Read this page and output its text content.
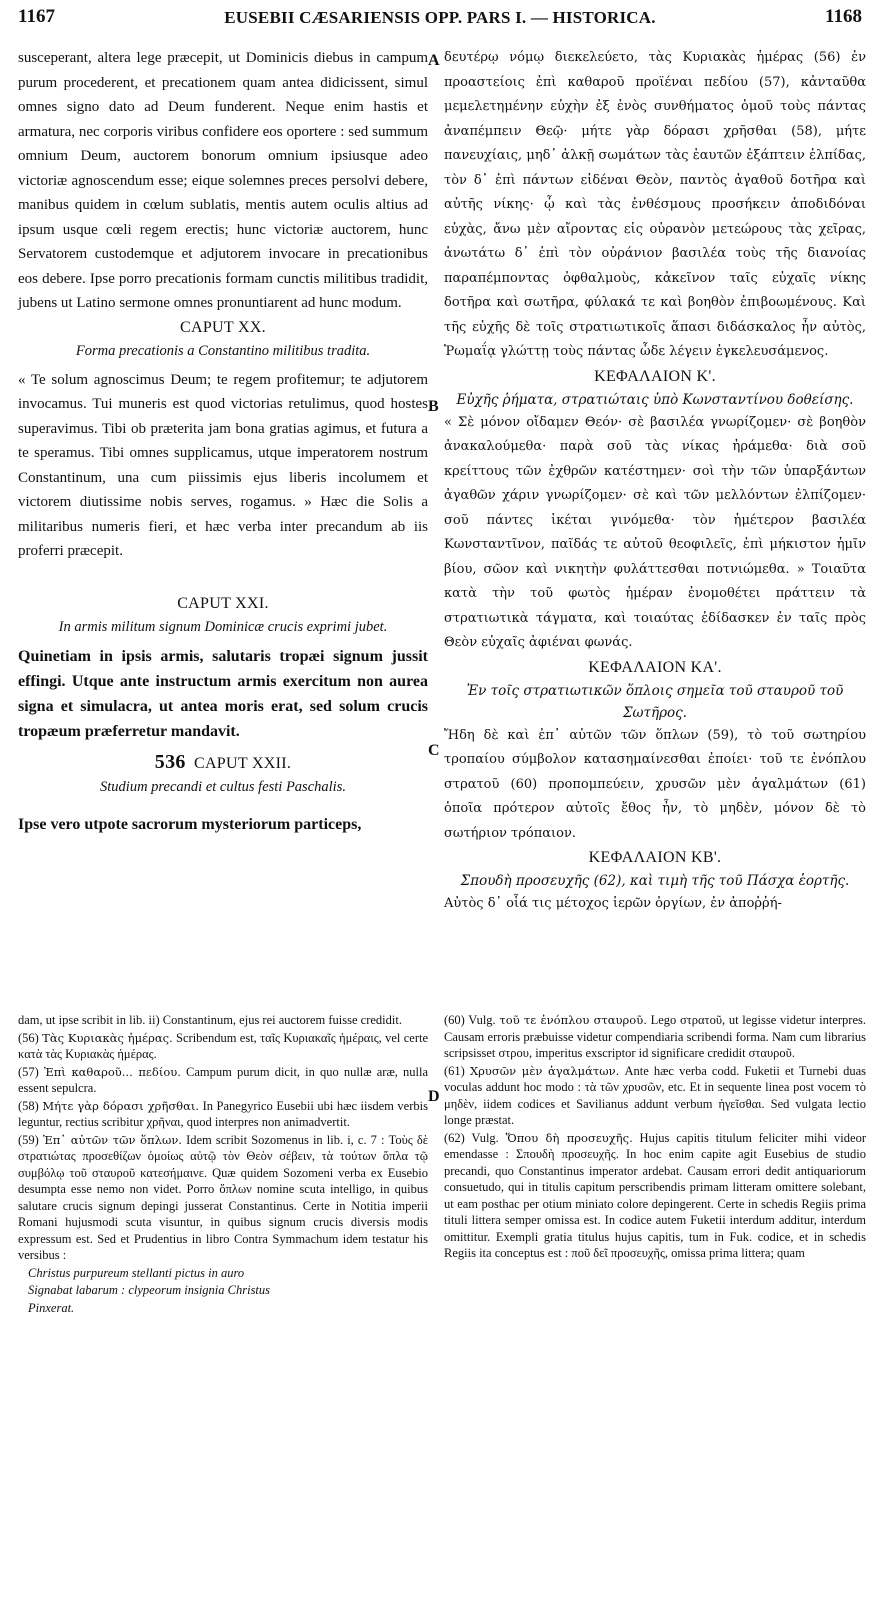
1167	EUSEBII CÆSARIENSIS OPP. PARS I. — HISTORICA.	1168
A
B
C
D

susceperant, altera lege præcepit, ut Dominicis diebus in campum purum procederent, et precationem quam antea didicissent, simul omnes signo dato ad Deum funderent. Neque enim hastis et armatura, nec corporis viribus confidere eos oportere : sed summum omnium Deum, auctorem bonorum omnium ipsiusque adeo victoriæ agnoscendum esse; eique solemnes preces persolvi debere, manibus quidem in cœlum sublatis, mentis autem oculis altius ad ipsum usque cœli regem erectis; hunc victoriæ auctorem, hunc Servatorem custodemque et adjutorem invocare in precationibus eos debere. Ipse porro precationis formam cunctis militibus tradidit, jubens ut Latino sermone omnes pronuntiarent ad hunc modum.

CAPUT XX.

Forma precationis a Constantino militibus tradita.

« Te solum agnoscimus Deum; te regem profitemur; te adjutorem invocamus. Tui muneris est quod victorias retulimus, quod hostes superavimus. Tibi ob præterita jam bona gratias agimus, et futura a te speramus. Tibi omnes supplicamus, utque imperatorem nostrum Constantinum, una cum piissimis ejus liberis incolumem et victorem diutissime nobis serves, rogamus. » Hæc die Solis a militaribus numeris fieri, et hæc verba inter precandum ab iis proferri præcepit.

CAPUT XXI.

In armis militum signum Dominicæ crucis exprimi jubet.

Quinetiam in ipsis armis, salutaris tropæi signum jussit effingi. Utque ante instructum armis exercitum non aurea signa et simulacra, ut antea moris erat, sed solum crucis tropæum præferretur mandavit.

536 CAPUT XXII.

Studium precandi et cultus festi Paschalis.

Ipse vero utpote sacrorum mysteriorum particeps,

δευτέρῳ νόμῳ διεκελεύετο, τὰς Κυριακὰς ἡμέρας (56) ἐν προαστείοις ἐπὶ καθαροῦ προϊέναι πεδίου (57), κἀνταῦθα μεμελετημένην εὐχὴν ἐξ ἑνὸς συνθήματος ὁμοῦ τοὺς πάντας ἀναπέμπειν Θεῷ· μήτε γὰρ δόρασι χρῆσθαι (58), μήτε πανευχίαις, μηδ᾽ ἀλκῇ σωμάτων τὰς ἑαυτῶν ἐξάπτειν ἐλπίδας, τὸν δ᾽ ἐπὶ πάντων εἰδέναι Θεὸν, παντὸς ἀγαθοῦ δοτῆρα καὶ αὐτῆς νίκης· ᾧ καὶ τὰς ἐνθέσμους προσήκειν ἀποδιδόναι εὐχὰς, ἄνω μὲν αἴροντας εἰς οὐρανὸν μετεώρους τὰς χεῖρας, ἀνωτάτω δ᾽ ἐπὶ τὸν οὐράνιον βασιλέα τοὺς τῆς διανοίας παραπέμποντας ὀφθαλμοὺς, κἀκεῖνον ταῖς εὐχαῖς νίκης δοτῆρα καὶ σωτῆρα, φύλακά τε καὶ βοηθὸν ἐπιβοωμένους. Καὶ τῆς εὐχῆς δὲ τοῖς στρατιωτικοῖς ἅπασι διδάσκαλος ἦν αὐτὸς, Ῥωμαΐᾳ γλώττῃ τοὺς πάντας ὧδε λέγειν ἐγκελευσάμενος.

ΚΕΦΑΛΑΙΟΝ Κ'.

Εὐχῆς ῥήματα, στρατιώταις ὑπὸ Κωνσταντίνου δοθείσης.

« Σὲ μόνον οἴδαμεν Θεόν· σὲ βασιλέα γνωρίζομεν· σὲ βοηθὸν ἀνακαλούμεθα· παρὰ σοῦ τὰς νίκας ἠράμεθα· διὰ σοῦ κρείττους τῶν ἐχθρῶν κατέστημεν· σοὶ τὴν τῶν ὑπαρξάντων ἀγαθῶν χάριν γνωρίζομεν· σὲ καὶ τῶν μελλόντων ἐλπίζομεν· σοῦ πάντες ἱκέται γινόμεθα· τὸν ἡμέτερον βασιλέα Κωνσταντῖνον, παῖδάς τε αὐτοῦ θεοφιλεῖς, ἐπὶ μήκιστον ἡμῖν βίου, σῶον καὶ νικητὴν φυλάττεσθαι ποτνιώμεθα. » Τοιαῦτα κατὰ τὴν τοῦ φωτὸς ἡμέραν ἐνομοθέτει πράττειν τὰ στρατιωτικὰ τάγματα, καὶ τοιαύτας ἐδίδασκεν ἐν ταῖς πρὸς Θεὸν εὐχαῖς ἀφιέναι φωνάς.

ΚΕΦΑΛΑΙΟΝ ΚΑ'.

Ἐν τοῖς στρατιωτικῶν ὅπλοις σημεῖα τοῦ σταυροῦ τοῦ Σωτῆρος.

Ἤδη δὲ καὶ ἐπ᾽ αὐτῶν τῶν ὅπλων (59), τὸ τοῦ σωτηρίου τροπαίου σύμβολον κατασημαίνεσθαι ἐποίει· τοῦ τε ἐνόπλου στρατοῦ (60) προπομπεύειν, χρυσῶν μὲν ἀγαλμάτων (61) ὁποῖα πρότερον αὐτοῖς ἔθος ἦν, τὸ μηδὲν, μόνον δὲ τὸ σωτήριον τρόπαιον.

ΚΕΦΑΛΑΙΟΝ ΚΒ'.

Σπουδὴ προσευχῆς (62), καὶ τιμὴ τῆς τοῦ Πάσχα ἑορτῆς.

Αὐτὸς δ᾽ οἷά τις μέτοχος ἱερῶν ὀργίων, ἐν ἀποῤῥή-

dam, ut ipse scribit in lib. ii) Constantinum, ejus rei auctorem fuisse credidit.

(56) Τὰς Κυριακὰς ἡμέρας. Scribendum est, ταῖς Κυριακαῖς ἡμέραις, vel certe κατὰ τὰς Κυριακὰς ἡμέρας.

(57) Ἐπὶ καθαροῦ... πεδίου. Campum purum dicit, in quo nullæ aræ, nulla essent sepulcra.

(58) Μήτε γὰρ δόρασι χρῆσθαι. In Panegyrico Eusebii ubi hæc iisdem verbis leguntur, rectius scribitur χρῆναι, quod interpres non animadvertit.

(59) Ἐπ᾽ αὐτῶν τῶν ὅπλων. Idem scribit Sozomenus in lib. i, c. 7 : Τοὺς δὲ στρατιώτας προσεθίζων ὁμοίως αὐτῷ τὸν Θεὸν σέβειν, τὰ τούτων ὅπλα τῷ συμβόλῳ τοῦ σταυροῦ κατεσήμαινε. Quæ quidem Sozomeni verba ex Eusebio desumpta esse nemo non videt. Porro ὅπλων nomine scuta intelligo, in quibus salutare crucis signum depingi jusserat Constantinus. Certe in Notitia imperii Romani hujusmodi scuta visuntur, in quibus signum crucis diversis modis expressum est. Sed et Prudentius in libro Contra Symmachum idem testatur his versibus :

Christus purpureum stellanti pictus in auro

Signabat labarum : clypeorum insignia Christus

Pinxerat.

(60) Vulg. τοῦ τε ἐνόπλου σταυροῦ. Lego στρατοῦ, ut legisse videtur interpres. Causam erroris præbuisse videtur compendiaria scribendi forma. Nam cum librarius scripsisset στρου, imperitus exscriptor id significare credidit σταυροῦ.

(61) Χρυσῶν μὲν ἀγαλμάτων. Ante hæc verba codd. Fuketii et Turnebi duas voculas addunt hoc modo : τὰ τῶν χρυσῶν, etc. Et in sequente linea post vocem τὸ μηδὲν, iidem codices et Savilianus addunt verbum ἡγεῖσθαι. Sed vulgata lectio longe præstat.

(62) Vulg. Ὅπου δὴ προσευχῆς. Hujus capitis titulum feliciter mihi videor emendasse : Σπουδὴ προσευχῆς. In hoc enim capite agit Eusebius de studio precandi, quo Constantinus imperator ardebat. Causam errori dedit antiquariorum consuetudo, qui in titulis capitum perscribendis primam litteram omittere solebant, ut eam posthac per otium miniato colore depingerent. Certe in schedis Regiis prima tituli littera semper omissa est. In codice autem Fuketii interdum additur, interdum omittitur. Exempli gratia titulus hujus capitis, tum in Fuk. codice, et in schedis Regiis ita conceptus est : ποῦ δεῖ προσευχῆς, omissa prima littera; quam
